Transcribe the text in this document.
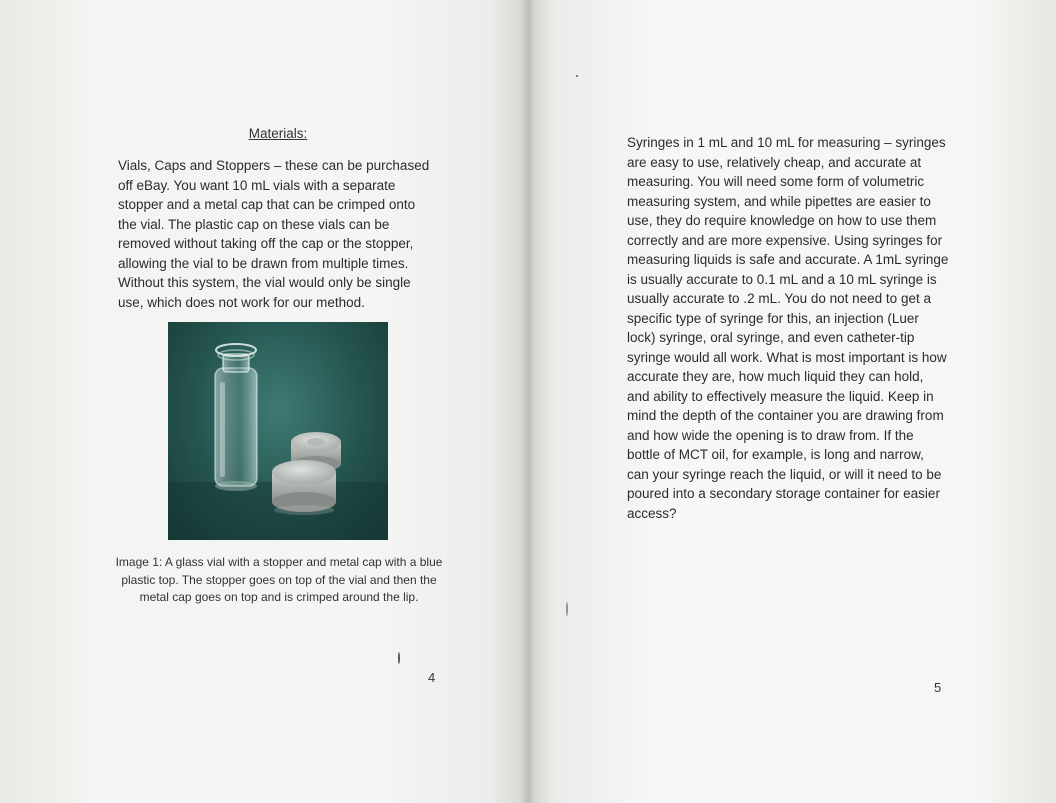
Materials:

Vials, Caps and Stoppers – these can be purchased off eBay. You want 10 mL vials with a separate stopper and a metal cap that can be crimped onto the vial. The plastic cap on these vials can be removed without taking off the cap or the stopper, allowing the vial to be drawn from multiple times. Without this system, the vial would only be single use, which does not work for our method.

Image 1: A glass vial with a stopper and metal cap with a blue plastic top. The stopper goes on top of the vial and then the metal cap goes on top and is crimped around the lip.
4

Syringes in 1 mL and 10 mL for measuring – syringes are easy to use, relatively cheap, and accurate at measuring. You will need some form of volumetric measuring system, and while pipettes are easier to use, they do require knowledge on how to use them correctly and are more expensive. Using syringes for measuring liquids is safe and accurate. A 1mL syringe is usually accurate to 0.1 mL and a 10 mL syringe is usually accurate to .2 mL. You do not need to get a specific type of syringe for this, an injection (Luer lock) syringe, oral syringe, and even catheter-tip syringe would all work. What is most important is how accurate they are, how much liquid they can hold, and ability to effectively measure the liquid. Keep in mind the depth of the container you are drawing from and how wide the opening is to draw from. If the bottle of MCT oil, for example, is long and narrow, can your syringe reach the liquid, or will it need to be poured into a secondary storage container for easier access?

5
